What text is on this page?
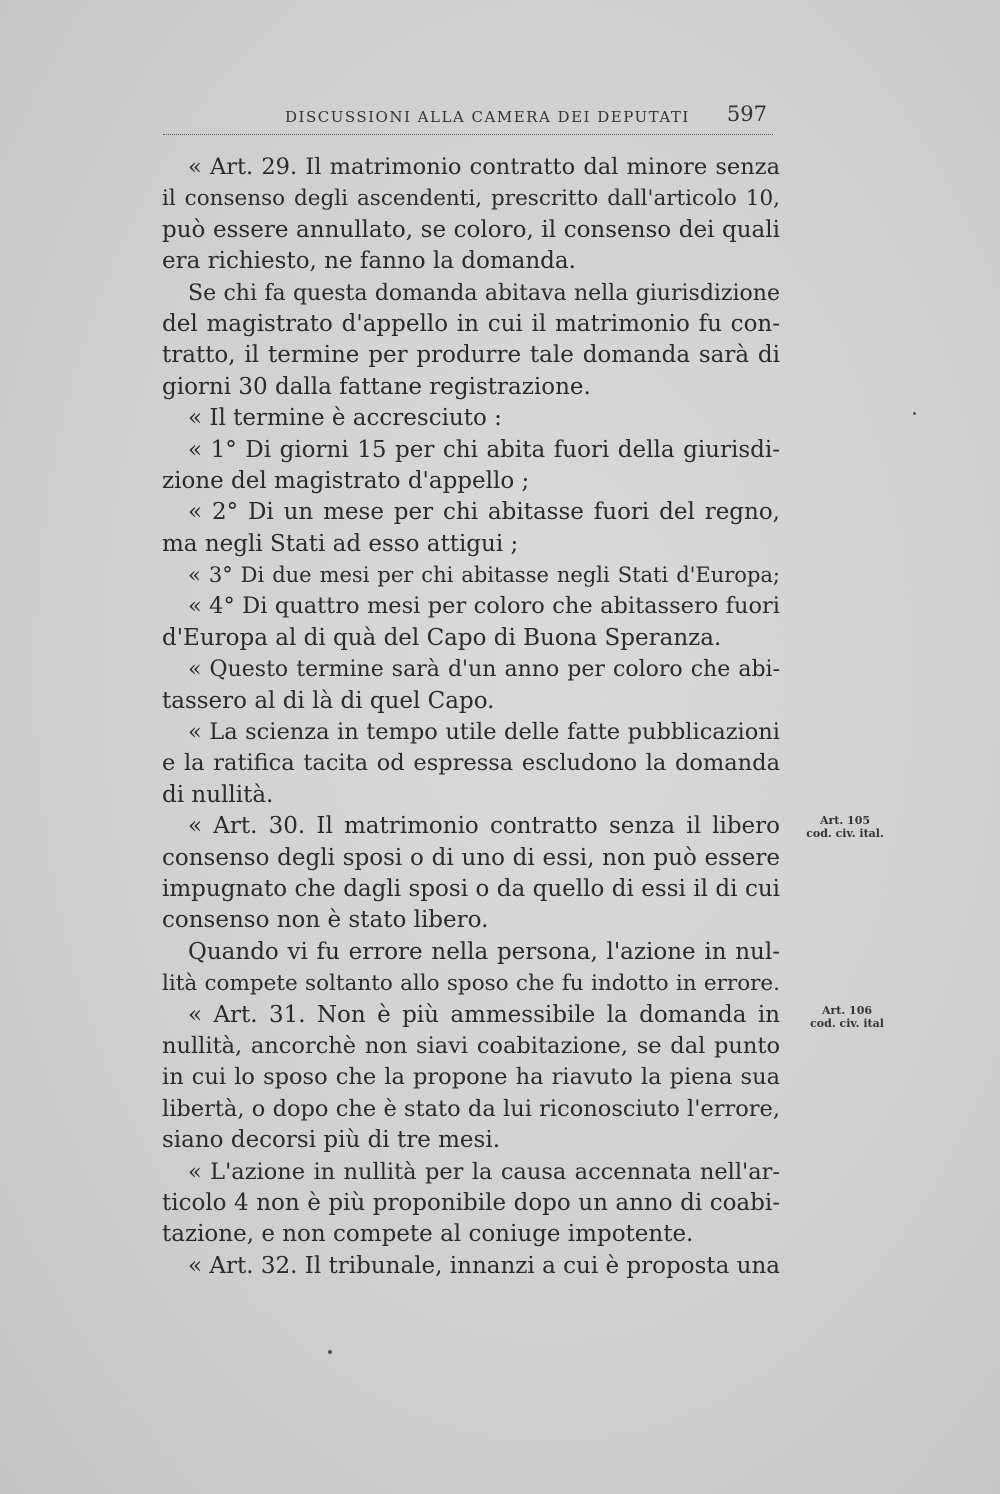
DISCUSSIONI ALLA CAMERA DEI DEPUTATI 597
« Art. 29. Il matrimonio contratto dal minore senza
il consenso degli ascendenti, prescritto dall'articolo 10,
può essere annullato, se coloro, il consenso dei quali
era richiesto, ne fanno la domanda.
Se chi fa questa domanda abitava nella giurisdizione
del magistrato d'appello in cui il matrimonio fu con-
tratto, il termine per produrre tale domanda sarà di
giorni 30 dalla fattane registrazione.
« Il termine è accresciuto :
« 1° Di giorni 15 per chi abita fuori della giurisdi-
zione del magistrato d'appello ;
« 2° Di un mese per chi abitasse fuori del regno,
ma negli Stati ad esso attigui ;
« 3° Di due mesi per chi abitasse negli Stati d'Europa;
« 4° Di quattro mesi per coloro che abitassero fuori
d'Europa al di quà del Capo di Buona Speranza.
« Questo termine sarà d'un anno per coloro che abi-
tassero al di là di quel Capo.
« La scienza in tempo utile delle fatte pubblicazioni
e la ratifica tacita od espressa escludono la domanda
di nullità.
« Art. 30. Il matrimonio contratto senza il libero
consenso degli sposi o di uno di essi, non può essere
impugnato che dagli sposi o da quello di essi il di cui
consenso non è stato libero.
Quando vi fu errore nella persona, l'azione in nul-
lità compete soltanto allo sposo che fu indotto in errore.
« Art. 31. Non è più ammessibile la domanda in
nullità, ancorchè non siavi coabitazione, se dal punto
in cui lo sposo che la propone ha riavuto la piena sua
libertà, o dopo che è stato da lui riconosciuto l'errore,
siano decorsi più di tre mesi.
« L'azione in nullità per la causa accennata nell'ar-
ticolo 4 non è più proponibile dopo un anno di coabi-
tazione, e non compete al coniuge impotente.
« Art. 32. Il tribunale, innanzi a cui è proposta una
Art. 105
cod. civ. ital.
Art. 106
cod. civ. ital
